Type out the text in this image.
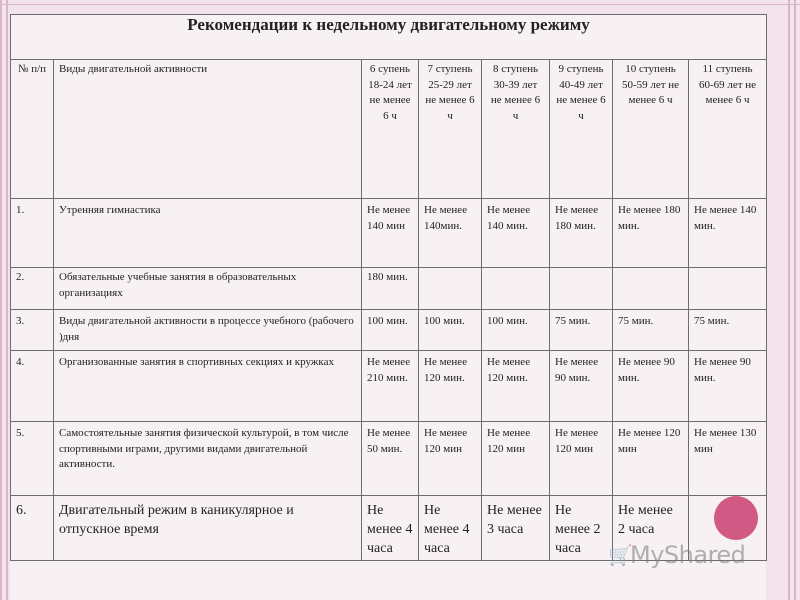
Рекомендации к недельному двигательному режиму							
№ п/п	Виды двигательной активности	6 супень 18-24 лет не менее 6 ч	7 ступень 25-29 лет не менее 6 ч	8 ступень 30-39 лет не менее 6 ч	9 ступень 40-49 лет не менее 6 ч	10 ступень 50-59 лет не менее 6 ч	11 ступень 60-69 лет не менее 6 ч
1.	Утренняя гимнастика	Не менее 140 мин	Не менее 140мин.	Не менее 140 мин.	Не менее 180 мин.	Не менее 180 мин.	Не менее 140 мин.
2.	Обязательные учебные занятия в образовательных организациях	180 мин.					
3.	Виды двигательной активности в процессе учебного (рабочего )дня	100 мин.	100 мин.	100 мин.	75 мин.	75 мин.	75 мин.
4.	Организованные занятия в спортивных секциях и кружках	Не менее 210 мин.	Не менее 120 мин.	Не менее 120 мин.	Не менее 90 мин.	Не менее 90 мин.	Не менее 90 мин.
5.	Самостоятельные занятия физической культурой, в том числе спортивными играми, другими видами двигательной активности.	Не менее 50 мин.	Не менее 120 мин	Не менее 120 мин	Не менее 120 мин	Не менее 120 мин	Не менее 130 мин
6.	Двигательный режим в каникулярное и отпускное время	Не менее 4 часа	Не менее 4 часа	Не менее 3 часа	Не менее 2 часа	Не менее 2 часа	
🛒
MyShared
